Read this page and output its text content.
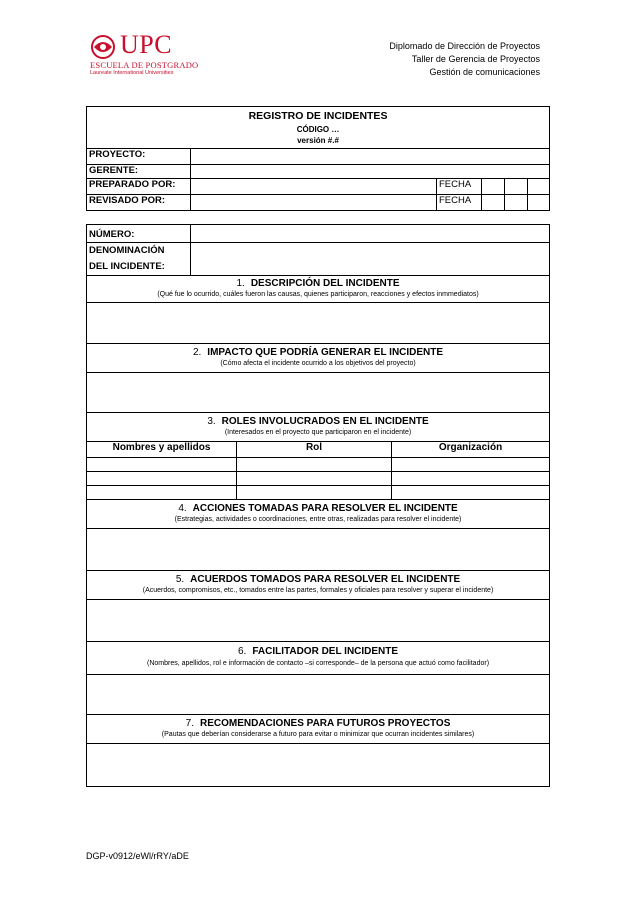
UPC
ESCUELA DE POSTGRADO
Laureate International Universities
Diplomado de Dirección de Proyectos
Taller de Gerencia de Proyectos
Gestión de comunicaciones
REGISTRO DE INCIDENTES
CÓDIGO …
versión #.#					

PROYECTO:					
GERENTE:					
PREPARADO POR:		FECHA			
REVISADO POR:		FECHA			
NÚMERO:			

DENOMINACIÓN
DEL INCIDENTE:			

1. DESCRIPCIÓN DEL INCIDENTE
(Qué fue lo ocurrido, cuáles fueron las causas, quienes participaron, reacciones y efectos inmmediatos)			

2. IMPACTO QUE PODRÍA GENERAR EL INCIDENTE
(Cómo afecta el incidente ocurrido a los objetivos del proyecto)			

3. ROLES INVOLUCRADOS EN EL INCIDENTE
(Interesados en el proyecto que participaron en el incidente)			

Nombres y apellidos		Rol	Organización

4. ACCIONES TOMADAS PARA RESOLVER EL INCIDENTE
(Estrategias, actividades o coordinaciones, entre otras, realizadas para resolver el incidente)			

5. ACUERDOS TOMADOS PARA RESOLVER EL INCIDENTE
(Acuerdos, compromisos, etc., tomados entre las partes, formales y oficiales para resolver y superar el incidente)			

6. FACILITADOR DEL INCIDENTE
(Nombres, apellidos, rol e información de contacto –si corresponde– de la persona que actuó como facilitador)			

7. RECOMENDACIONES PARA FUTUROS PROYECTOS
(Pautas que deberían considerarse a futuro para evitar o minimizar que ocurran incidentes similares)			

DGP-v0912/eWl/rRY/aDE
